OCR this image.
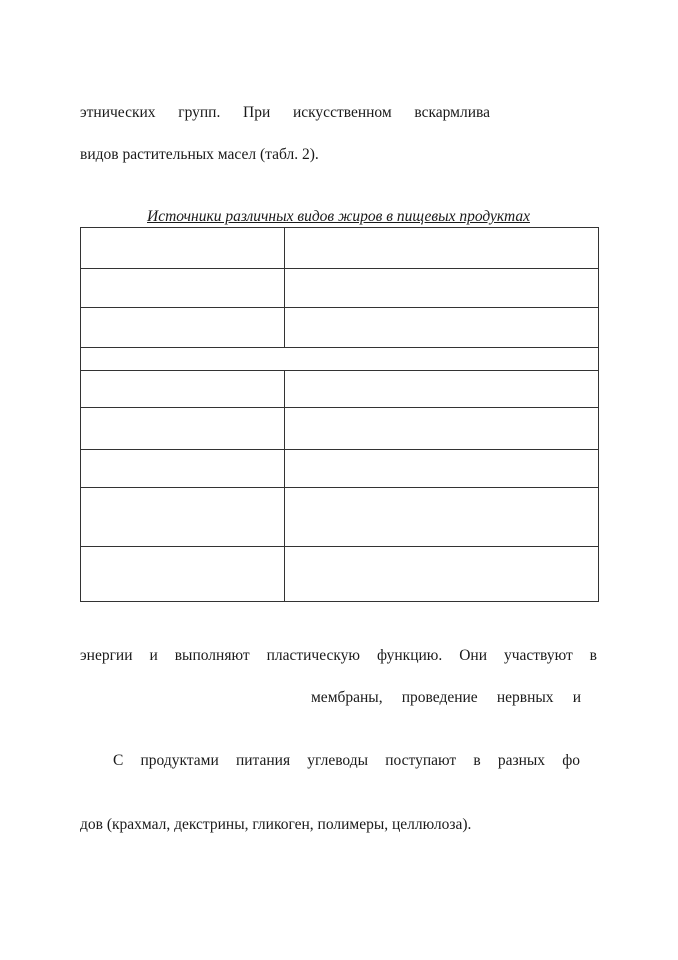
этнических групп. При искусственном вскармлива
видов растительных масел (табл. 2).
Источники различных видов жиров в пищевых продуктах

энергии и выполняют пластическую функцию. Они участвуют в
мембраны, проведение нервных и
С продуктами питания углеводы поступают в разных фо
дов (крахмал, декстрины, гликоген, полимеры, целлюлоза).
